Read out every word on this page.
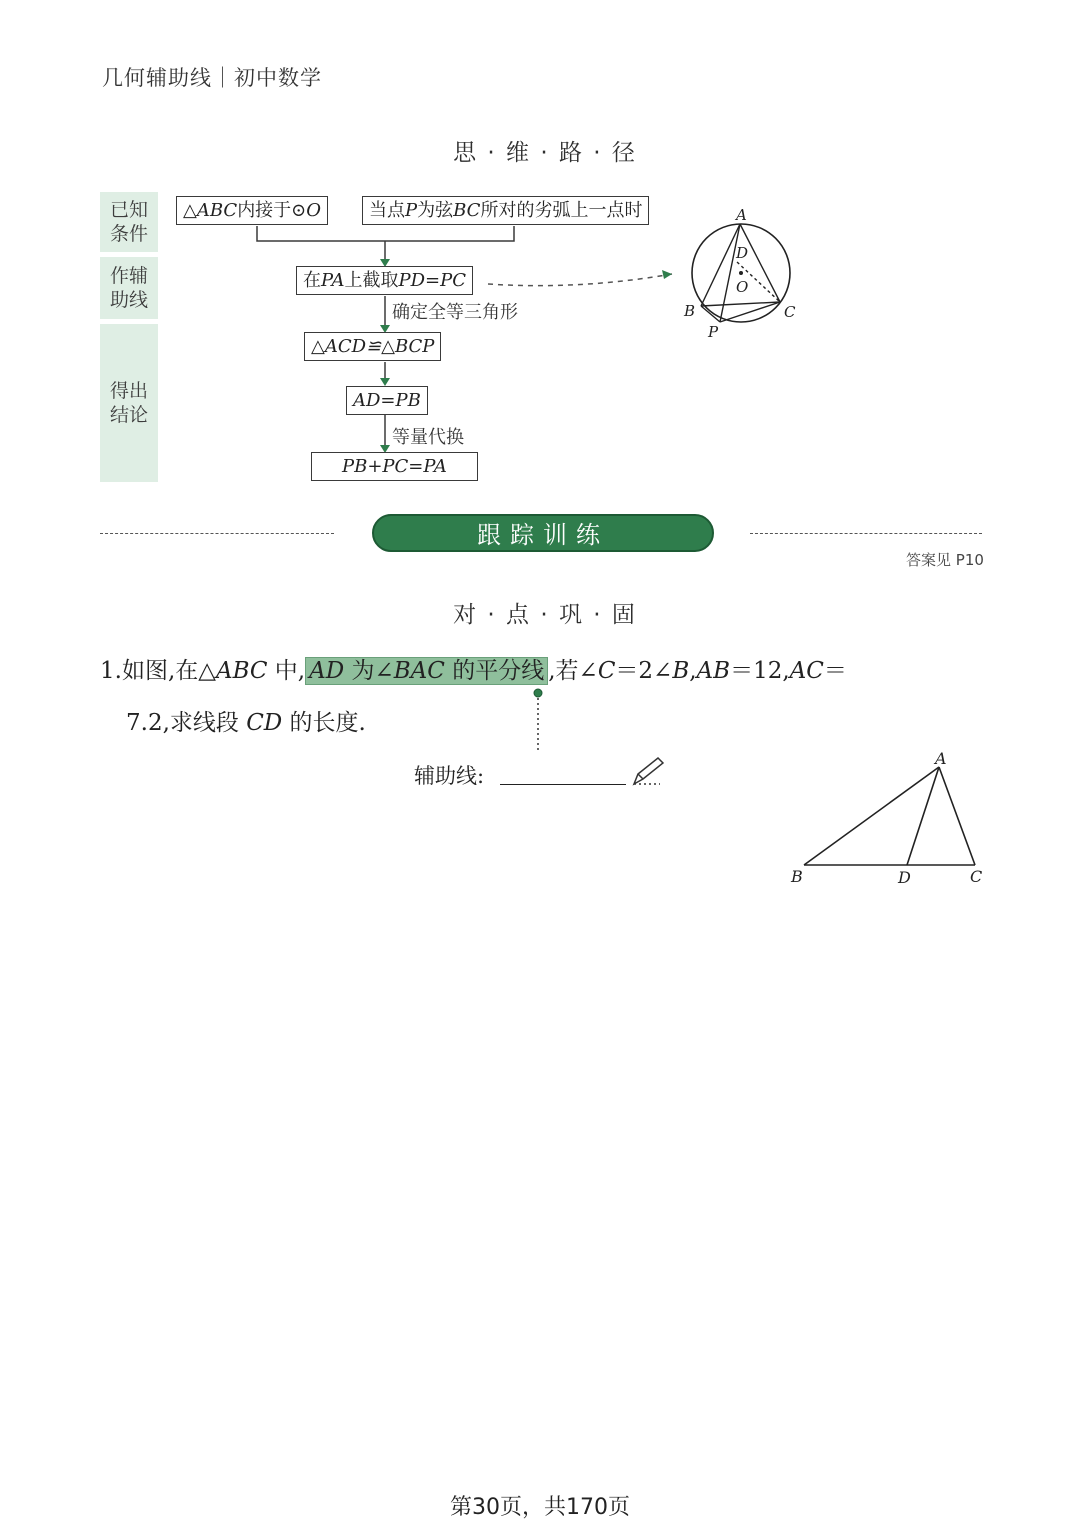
几何辅助线｜初中数学
思 · 维 · 路 · 径
已知
条件
作辅
助线
得出
结论
△ABC内接于⊙O	当点P为弦BC所对的劣弧上一点时
在PA上截取PD=PC
确定全等三角形
△ACD≌△BCP
AD=PB
等量代换
PB+PC=PA
A
D
O
B	C
P
跟踪训练
答案见 P10
对 · 点 · 巩 · 固
1.如图,在△ABC 中, AD 为∠BAC 的平分线 ,若∠C＝2∠B,AB＝12,AC＝
7.2,求线段 CD 的长度.
辅助线:
A
B	D	C
第30页，共170页
